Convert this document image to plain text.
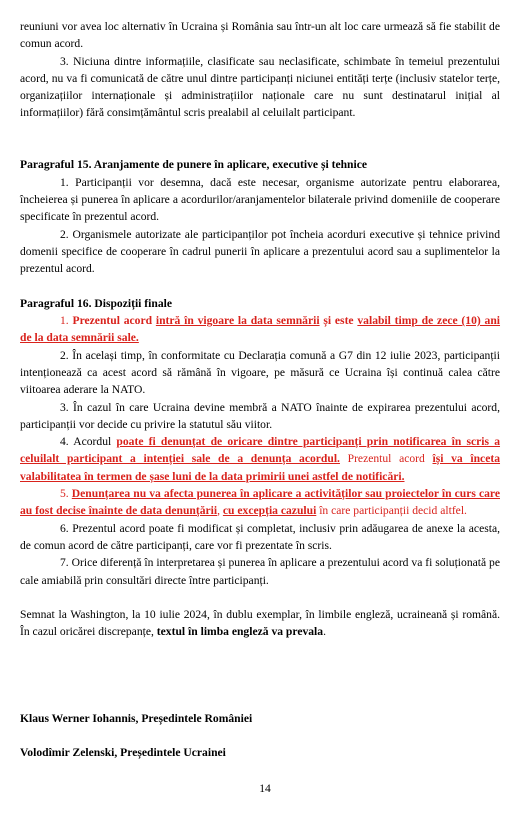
reuniuni vor avea loc alternativ în Ucraina și România sau într-un alt loc care urmează să fie stabilit de comun acord.

3. Niciuna dintre informațiile, clasificate sau neclasificate, schimbate în temeiul prezentului acord, nu va fi comunicată de către unul dintre participanți niciunei entități terțe (inclusiv statelor terțe, organizațiilor internaționale și administrațiilor naționale care nu sunt destinatarul inițial al informațiilor) fără consimțământul scris prealabil al celuilalt participant.

Paragraful 15. Aranjamente de punere în aplicare, executive și tehnice

1. Participanții vor desemna, dacă este necesar, organisme autorizate pentru elaborarea, încheierea și punerea în aplicare a acordurilor/aranjamentelor bilaterale privind domeniile de cooperare specificate în prezentul acord.

2. Organismele autorizate ale participanților pot încheia acorduri executive și tehnice privind domenii specifice de cooperare în cadrul punerii în aplicare a prezentului acord sau a suplimentelor la prezentul acord.

Paragraful 16. Dispoziții finale

1. Prezentul acord intră în vigoare la data semnării și este valabil timp de zece (10) ani de la data semnării sale.

2. În același timp, în conformitate cu Declarația comună a G7 din 12 iulie 2023, participanții intenționează ca acest acord să rămână în vigoare, pe măsură ce Ucraina își continuă calea către viitoarea aderare la NATO.

3. În cazul în care Ucraina devine membră a NATO înainte de expirarea prezentului acord, participanții vor decide cu privire la statutul său viitor.

4. Acordul poate fi denunțat de oricare dintre participanți prin notificarea în scris a celuilalt participant a intenției sale de a denunța acordul. Prezentul acord își va înceta valabilitatea în termen de șase luni de la data primirii unei astfel de notificări.

5. Denunțarea nu va afecta punerea în aplicare a activităților sau proiectelor în curs care au fost decise înainte de data denunțării, cu excepția cazului în care participanții decid altfel.

6. Prezentul acord poate fi modificat și completat, inclusiv prin adăugarea de anexe la acesta, de comun acord de către participanți, care vor fi prezentate în scris.

7. Orice diferență în interpretarea și punerea în aplicare a prezentului acord va fi soluționată pe cale amiabilă prin consultări directe între participanți.

Semnat la Washington, la 10 iulie 2024, în dublu exemplar, în limbile engleză, ucraineană și română. În cazul oricărei discrepanțe, textul în limba engleză va prevala.

Klaus Werner Iohannis, Președintele României

Volodîmir Zelenski, Președintele Ucrainei

14
